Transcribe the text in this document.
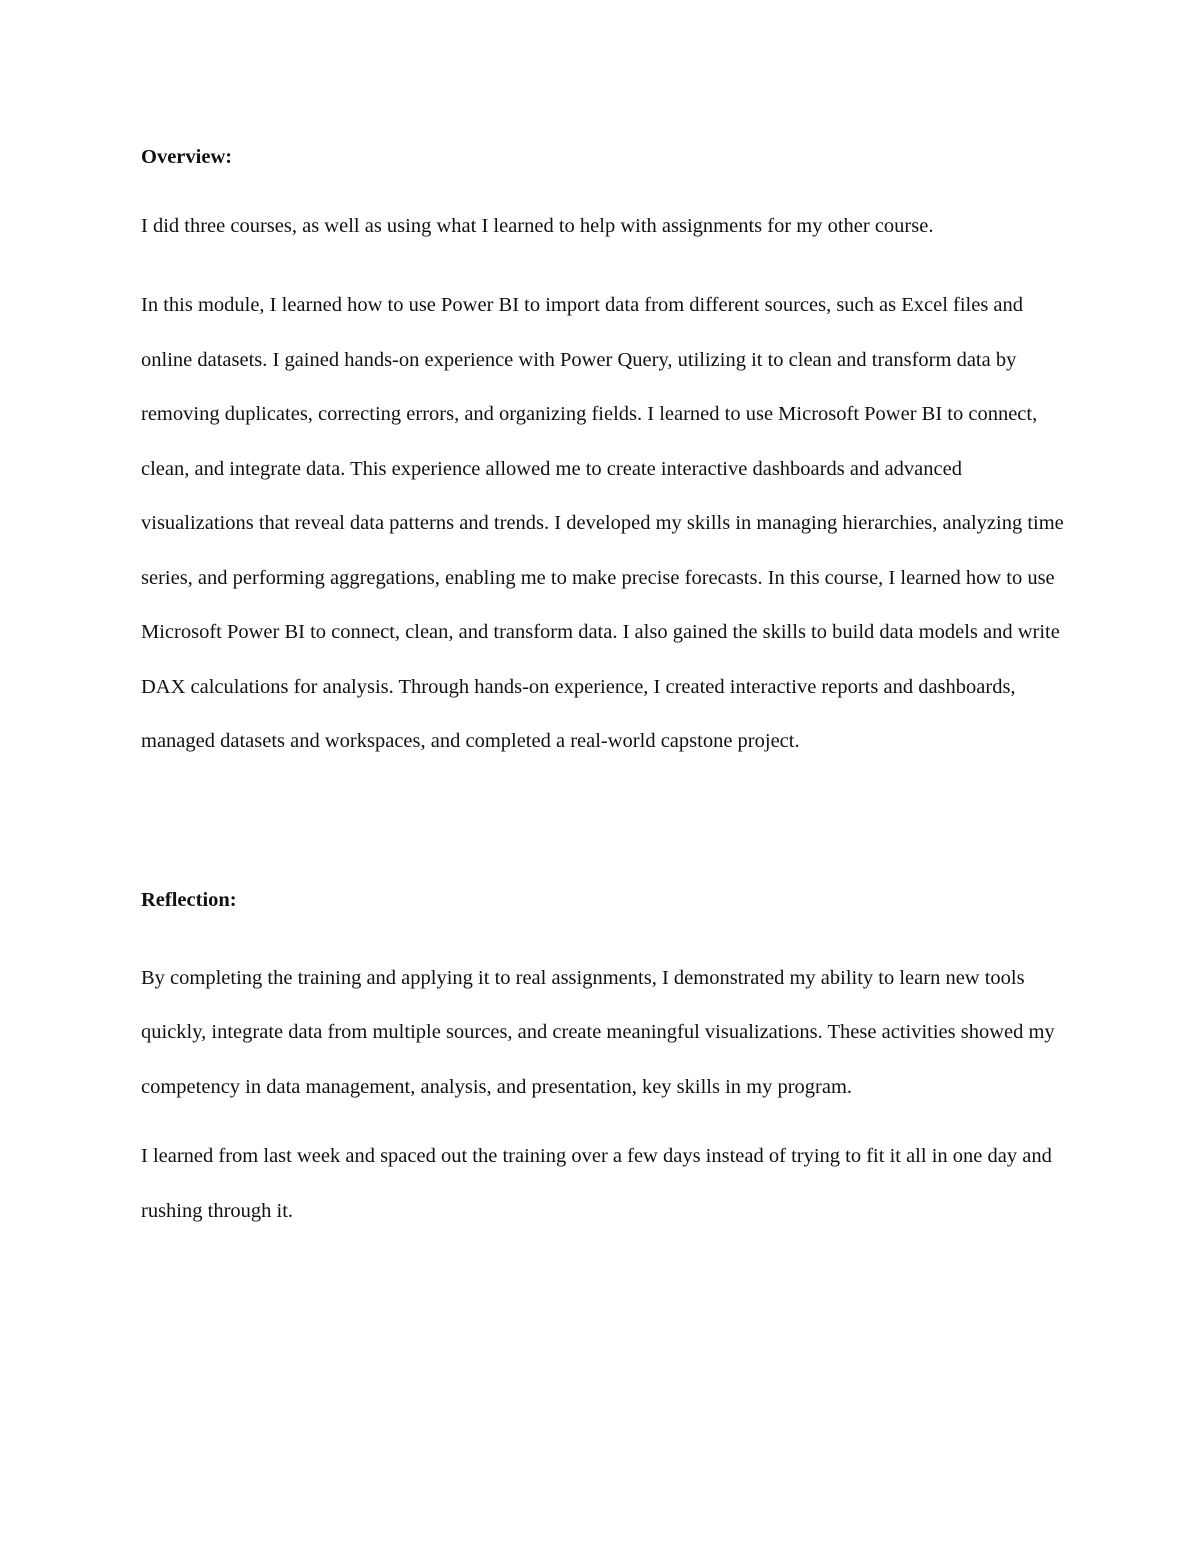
Overview:

I did three courses, as well as using what I learned to help with assignments for my other course.

In this module, I learned how to use Power BI to import data from different sources, such as Excel files and online datasets. I gained hands-on experience with Power Query, utilizing it to clean and transform data by removing duplicates, correcting errors, and organizing fields. I learned to use Microsoft Power BI to connect, clean, and integrate data. This experience allowed me to create interactive dashboards and advanced visualizations that reveal data patterns and trends. I developed my skills in managing hierarchies, analyzing time series, and performing aggregations, enabling me to make precise forecasts. In this course, I learned how to use Microsoft Power BI to connect, clean, and transform data. I also gained the skills to build data models and write DAX calculations for analysis. Through hands-on experience, I created interactive reports and dashboards, managed datasets and workspaces, and completed a real-world capstone project.

Reflection:

By completing the training and applying it to real assignments, I demonstrated my ability to learn new tools quickly, integrate data from multiple sources, and create meaningful visualizations. These activities showed my competency in data management, analysis, and presentation, key skills in my program.

I learned from last week and spaced out the training over a few days instead of trying to fit it all in one day and rushing through it.
